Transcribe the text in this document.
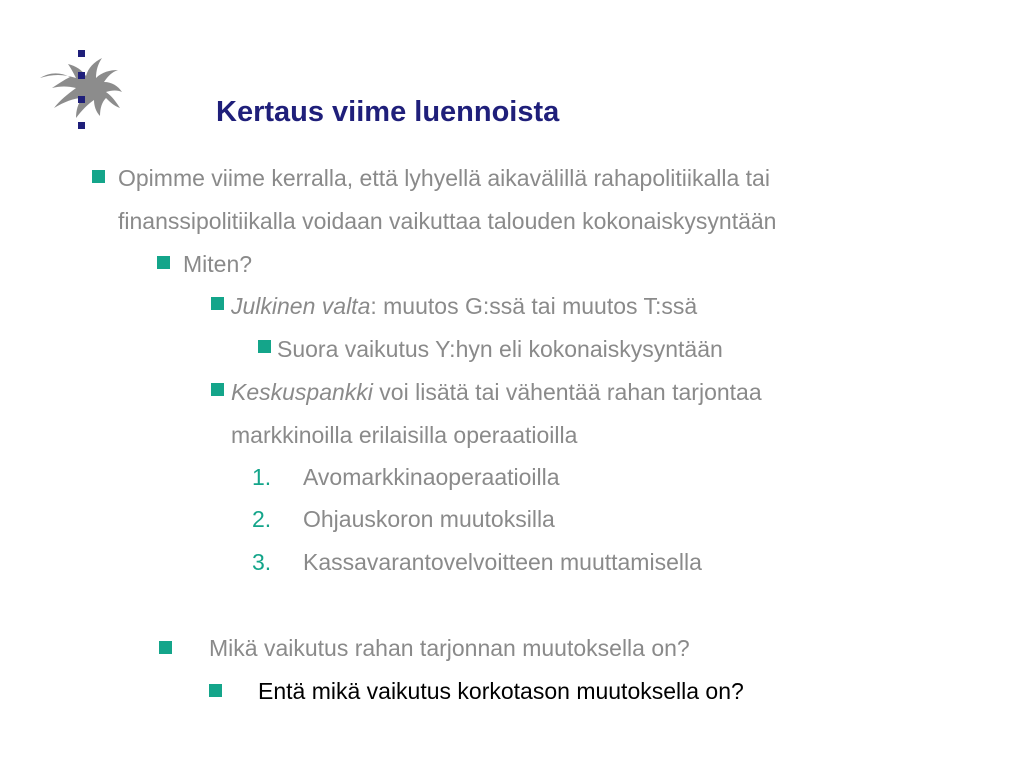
Kertaus viime luennoista
Opimme viime kerralla, että lyhyellä aikavälillä rahapolitiikalla tai
finanssipolitiikalla voidaan vaikuttaa talouden kokonaiskysyntään
Miten?
Julkinen valta: muutos G:ssä tai muutos T:ssä
Suora vaikutus Y:hyn eli kokonaiskysyntään
Keskuspankki voi lisätä tai vähentää rahan tarjontaa
markkinoilla erilaisilla operaatioilla
1. Avomarkkinaoperaatioilla
2. Ohjauskoron muutoksilla
3. Kassavarantovelvoitteen muuttamisella
Mikä vaikutus rahan tarjonnan muutoksella on?
Entä mikä vaikutus korkotason muutoksella on?
